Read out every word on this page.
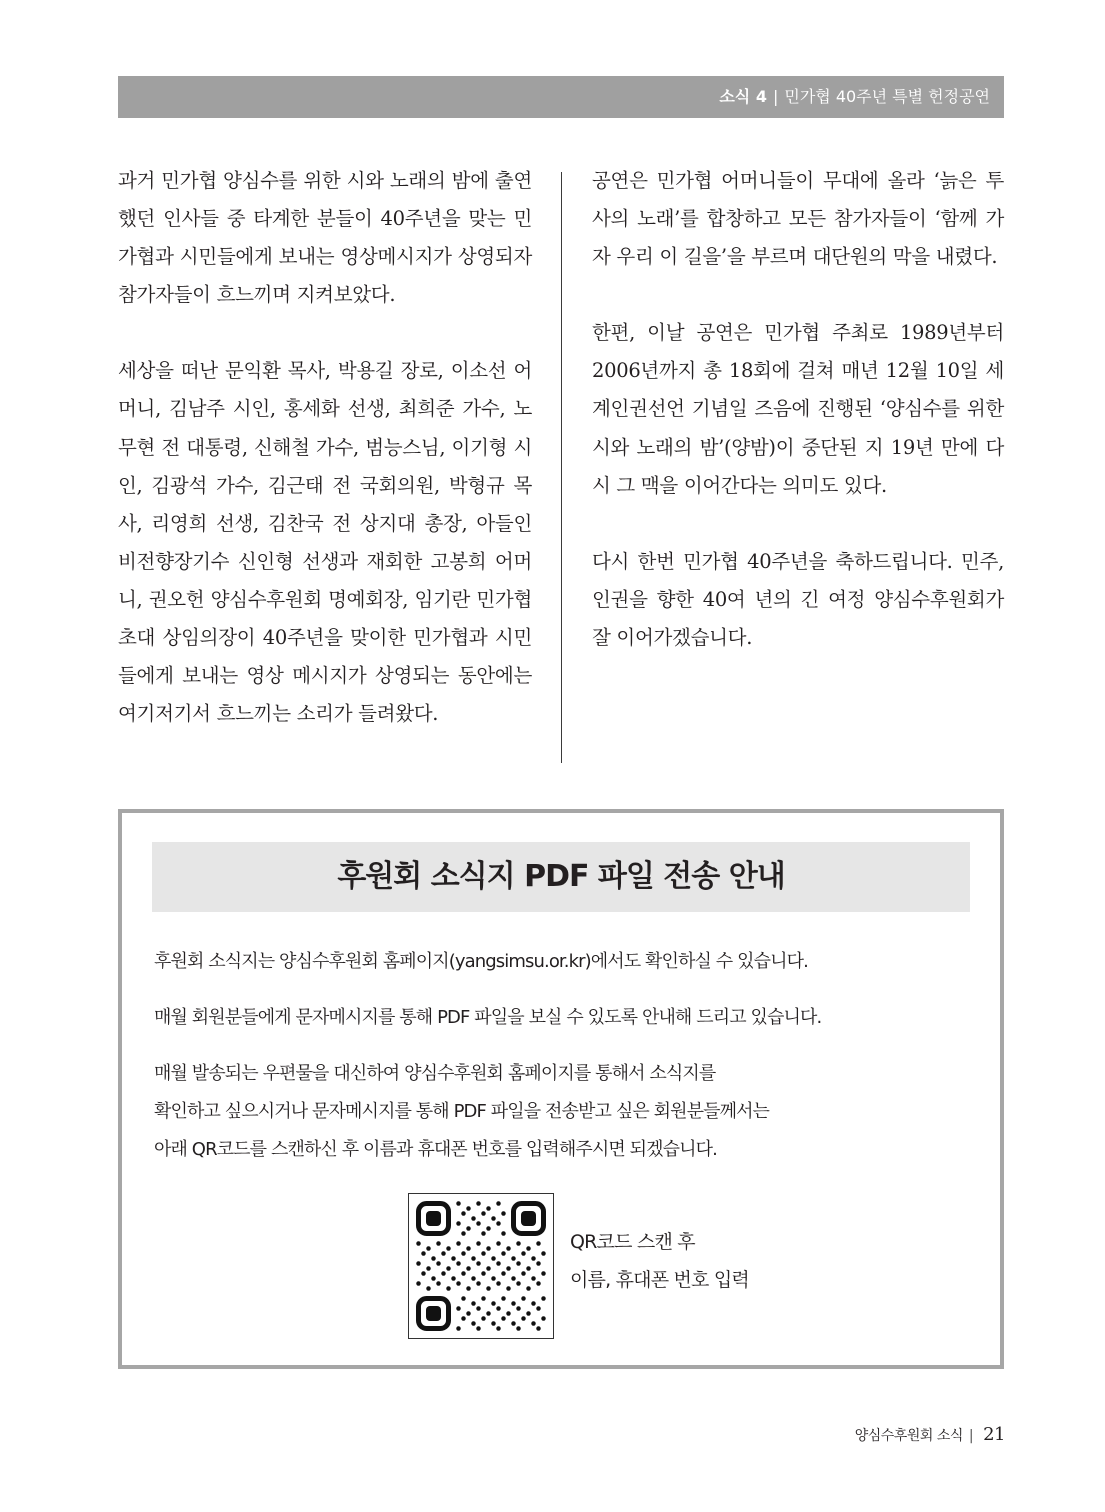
소식 4 | 민가협 40주년 특별 헌정공연

과거 민가협 양심수를 위한 시와 노래의 밤에 출연했던 인사들 중 타계한 분들이 40주년을 맞는 민가협과 시민들에게 보내는 영상메시지가 상영되자 참가자들이 흐느끼며 지켜보았다.

세상을 떠난 문익환 목사, 박용길 장로, 이소선 어머니, 김남주 시인, 홍세화 선생, 최희준 가수, 노무현 전 대통령, 신해철 가수, 범능스님, 이기형 시인, 김광석 가수, 김근태 전 국회의원, 박형규 목사, 리영희 선생, 김찬국 전 상지대 총장, 아들인 비전향장기수 신인형 선생과 재회한 고봉희 어머니, 권오헌 양심수후원회 명예회장, 임기란 민가협 초대 상임의장이 40주년을 맞이한 민가협과 시민들에게 보내는 영상 메시지가 상영되는 동안에는 여기저기서 흐느끼는 소리가 들려왔다.

공연은 민가협 어머니들이 무대에 올라 ‘늙은 투사의 노래’를 합창하고 모든 참가자들이 ‘함께 가자 우리 이 길을’을 부르며 대단원의 막을 내렸다.

한편, 이날 공연은 민가협 주최로 1989년부터 2006년까지 총 18회에 걸쳐 매년 12월 10일 세계인권선언 기념일 즈음에 진행된 ‘양심수를 위한 시와 노래의 밤’(양밤)이 중단된 지 19년 만에 다시 그 맥을 이어간다는 의미도 있다.

다시 한번 민가협 40주년을 축하드립니다. 민주, 인권을 향한 40여 년의 긴 여정 양심수후원회가 잘 이어가겠습니다.

후원회 소식지 PDF 파일 전송 안내

후원회 소식지는 양심수후원회 홈페이지(yangsimsu.or.kr)에서도 확인하실 수 있습니다.

매월 회원분들에게 문자메시지를 통해 PDF 파일을 보실 수 있도록 안내해 드리고 있습니다.

매월 발송되는 우편물을 대신하여 양심수후원회 홈페이지를 통해서 소식지를

확인하고 싶으시거나 문자메시지를 통해 PDF 파일을 전송받고 싶은 회원분들께서는

아래 QR코드를 스캔하신 후 이름과 휴대폰 번호를 입력해주시면 되겠습니다.

QR코드 스캔 후
이름, 휴대폰 번호 입력
양심수후원회 소식 | 21
